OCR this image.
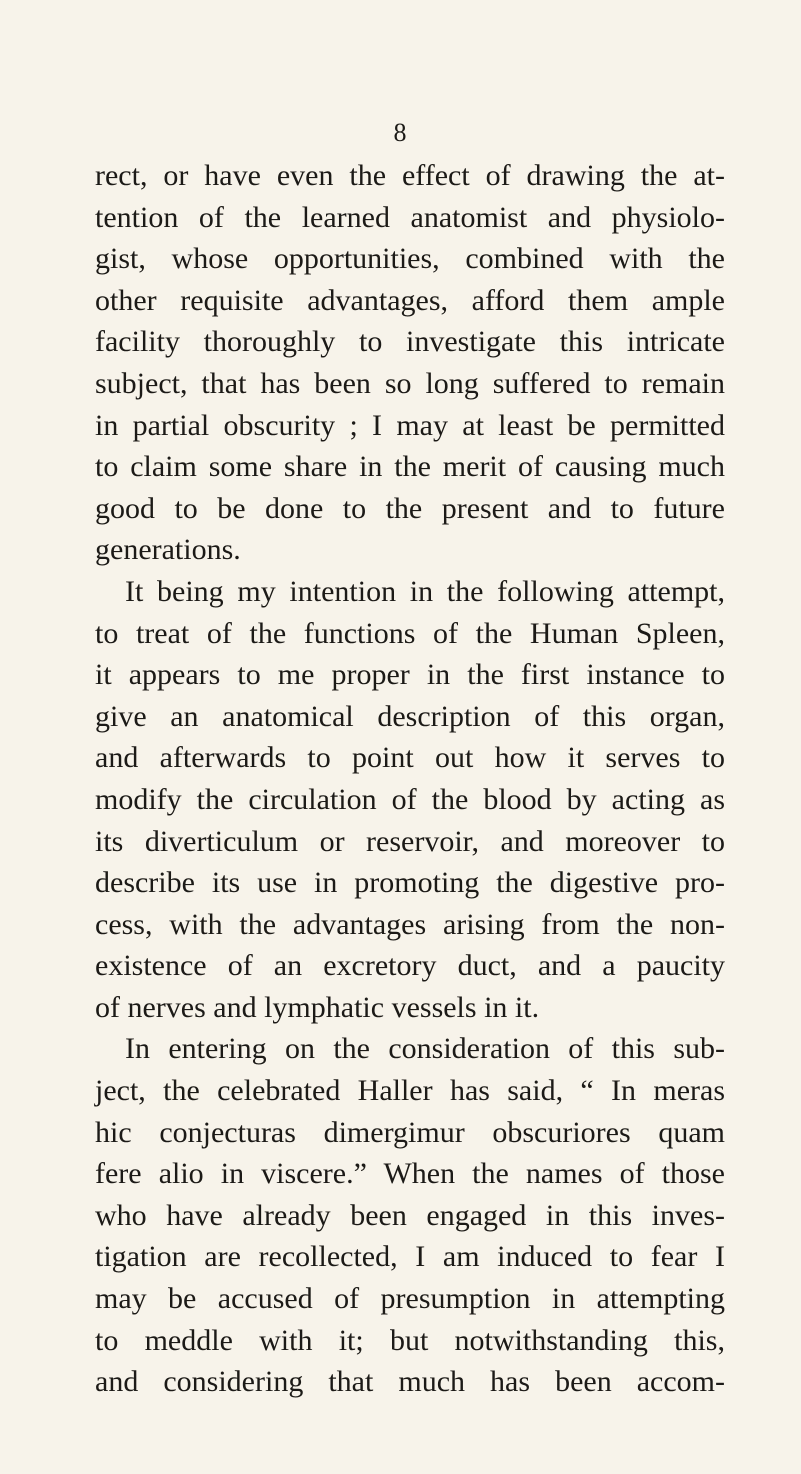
8
rect, or have even the effect of drawing the at-
tention of the learned anatomist and physiolo-
gist, whose opportunities, combined with the
other requisite advantages, afford them ample
facility thoroughly to investigate this intricate
subject, that has been so long suffered to remain
in partial obscurity ; I may at least be permitted
to claim some share in the merit of causing much
good to be done to the present and to future
generations.
It being my intention in the following attempt,
to treat of the functions of the Human Spleen,
it appears to me proper in the first instance to
give an anatomical description of this organ,
and afterwards to point out how it serves to
modify the circulation of the blood by acting as
its diverticulum or reservoir, and moreover to
describe its use in promoting the digestive pro-
cess, with the advantages arising from the non-
existence of an excretory duct, and a paucity
of nerves and lymphatic vessels in it.
In entering on the consideration of this sub-
ject, the celebrated Haller has said, “ In meras
hic conjecturas dimergimur obscuriores quam
fere alio in viscere.” When the names of those
who have already been engaged in this inves-
tigation are recollected, I am induced to fear I
may be accused of presumption in attempting
to meddle with it; but notwithstanding this,
and considering that much has been accom-
